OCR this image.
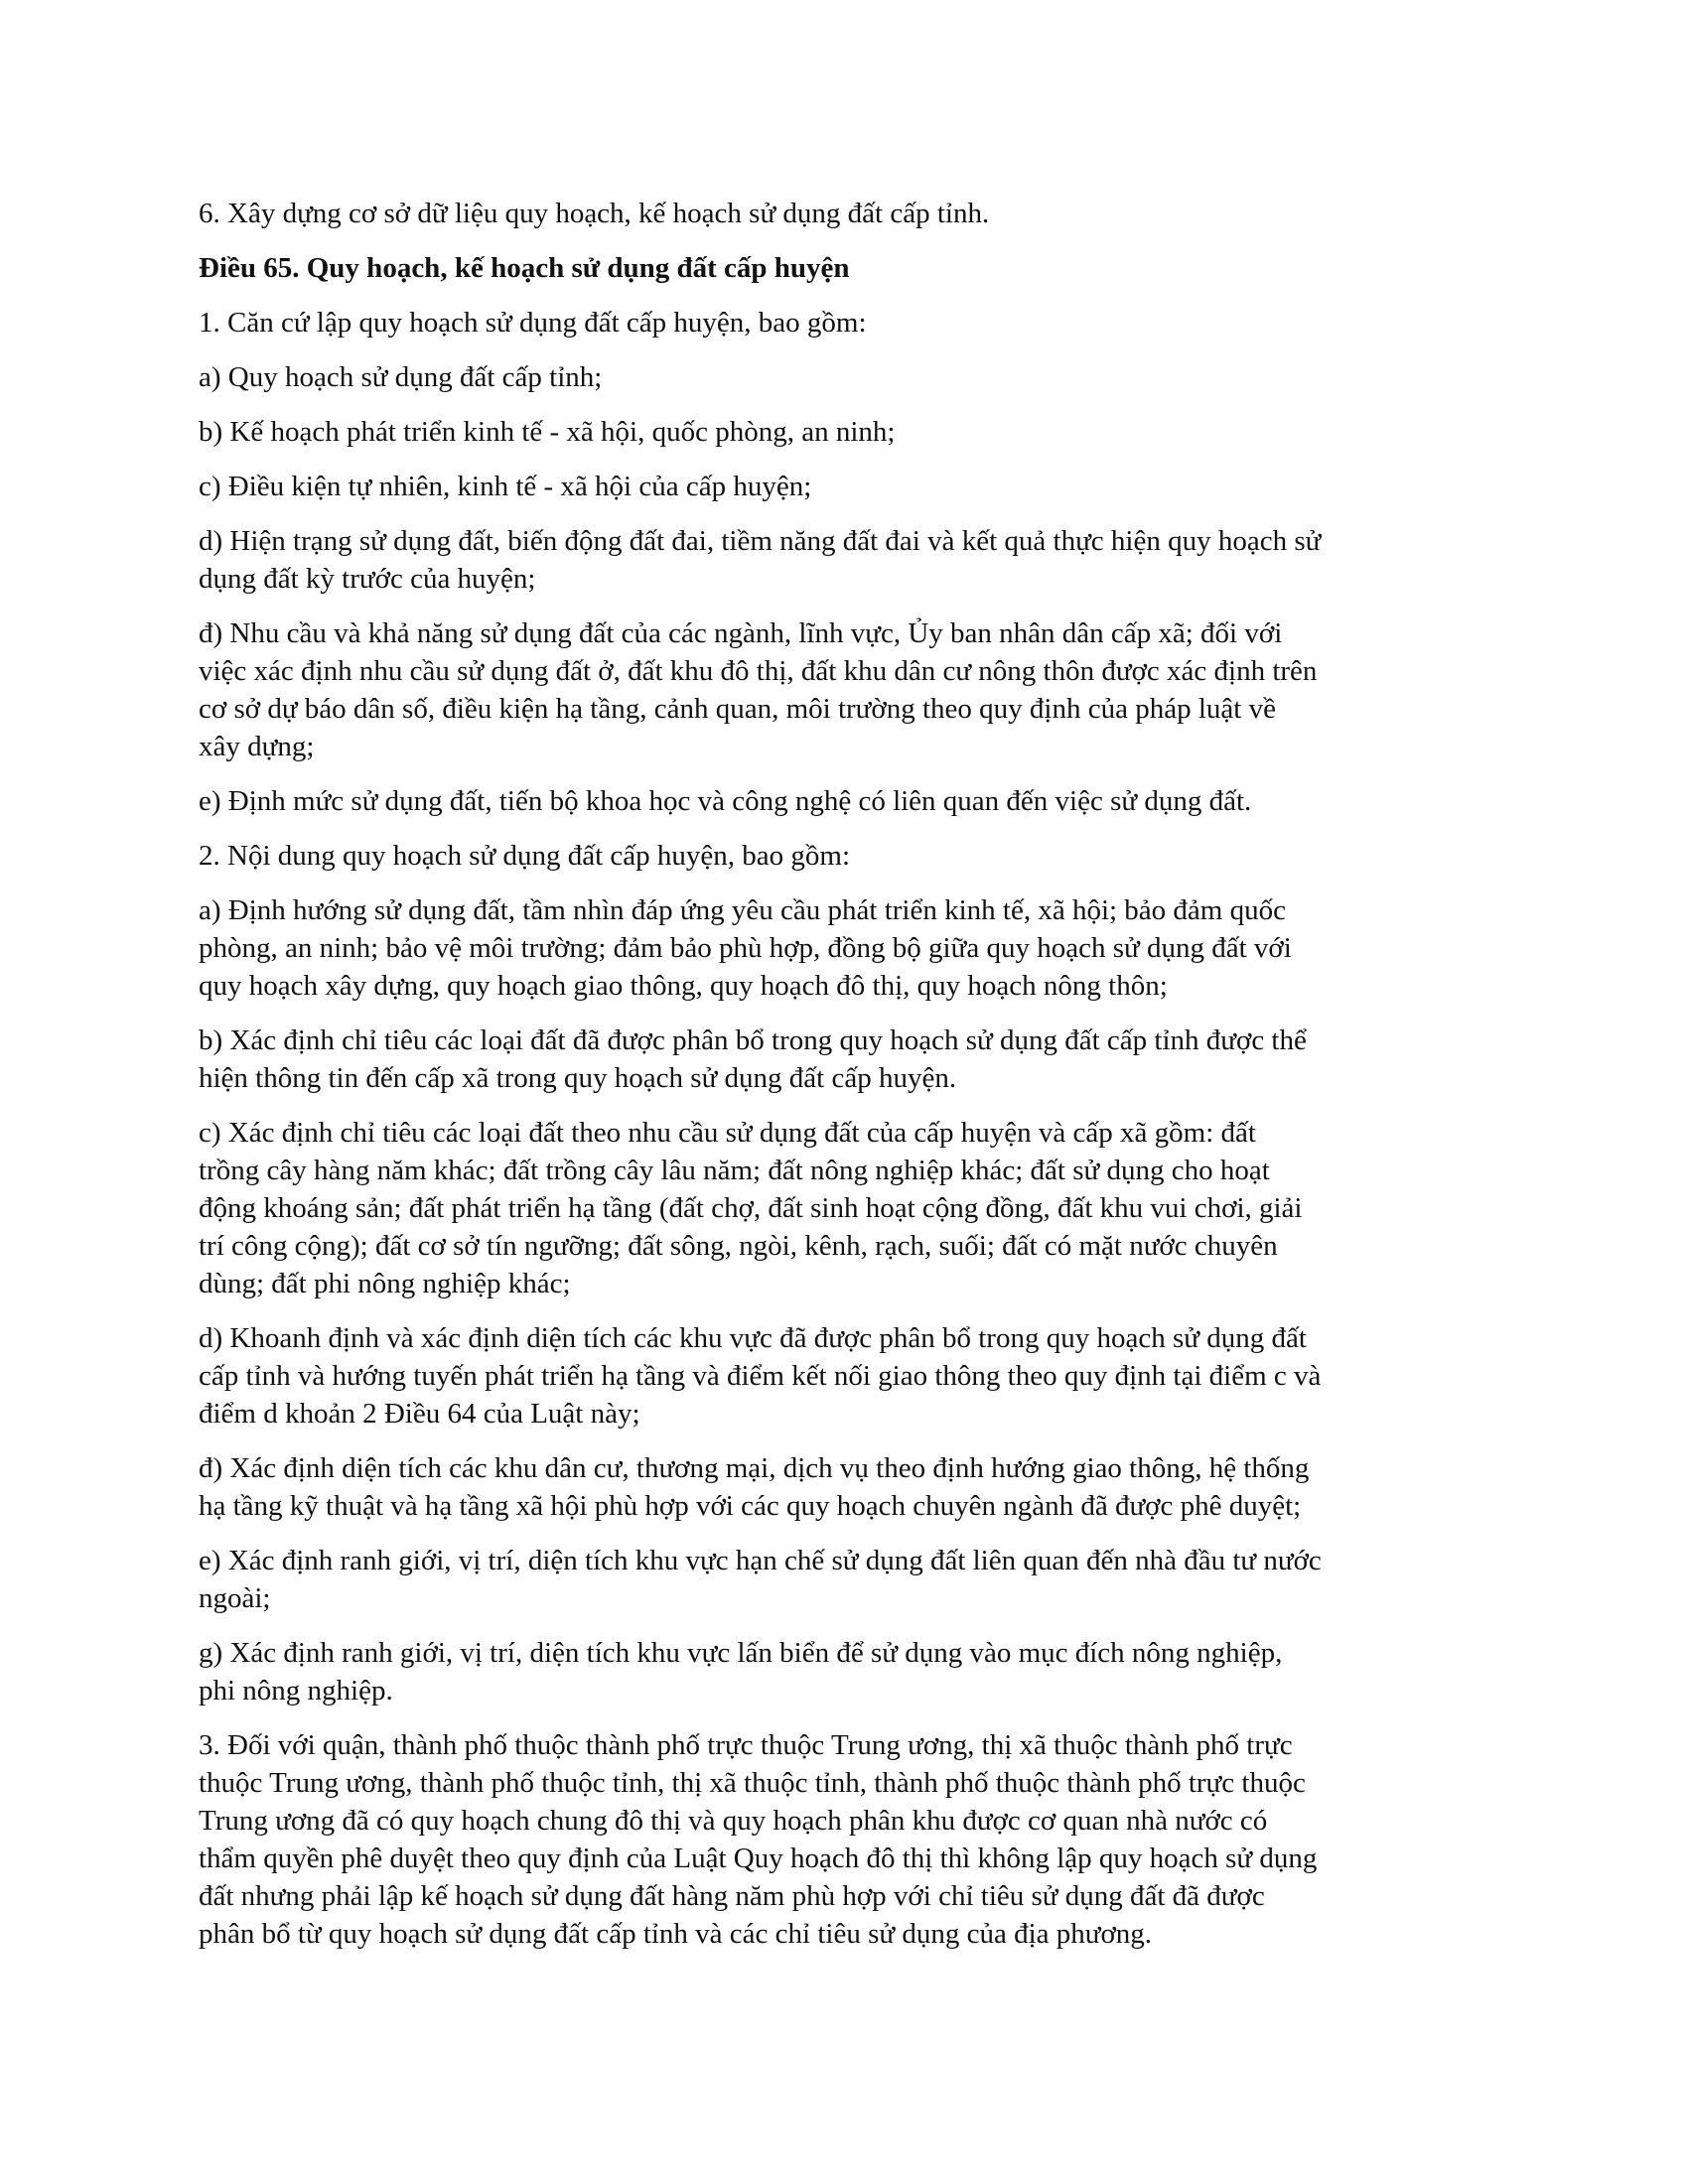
6. Xây dựng cơ sở dữ liệu quy hoạch, kế hoạch sử dụng đất cấp tỉnh.

Điều 65. Quy hoạch, kế hoạch sử dụng đất cấp huyện

1. Căn cứ lập quy hoạch sử dụng đất cấp huyện, bao gồm:

a) Quy hoạch sử dụng đất cấp tỉnh;

b) Kế hoạch phát triển kinh tế - xã hội, quốc phòng, an ninh;

c) Điều kiện tự nhiên, kinh tế - xã hội của cấp huyện;

d) Hiện trạng sử dụng đất, biến động đất đai, tiềm năng đất đai và kết quả thực hiện quy hoạch sử
dụng đất kỳ trước của huyện;

đ) Nhu cầu và khả năng sử dụng đất của các ngành, lĩnh vực, Ủy ban nhân dân cấp xã; đối với
việc xác định nhu cầu sử dụng đất ở, đất khu đô thị, đất khu dân cư nông thôn được xác định trên
cơ sở dự báo dân số, điều kiện hạ tầng, cảnh quan, môi trường theo quy định của pháp luật về
xây dựng;

e) Định mức sử dụng đất, tiến bộ khoa học và công nghệ có liên quan đến việc sử dụng đất.

2. Nội dung quy hoạch sử dụng đất cấp huyện, bao gồm:

a) Định hướng sử dụng đất, tầm nhìn đáp ứng yêu cầu phát triển kinh tế, xã hội; bảo đảm quốc
phòng, an ninh; bảo vệ môi trường; đảm bảo phù hợp, đồng bộ giữa quy hoạch sử dụng đất với
quy hoạch xây dựng, quy hoạch giao thông, quy hoạch đô thị, quy hoạch nông thôn;

b) Xác định chỉ tiêu các loại đất đã được phân bổ trong quy hoạch sử dụng đất cấp tỉnh được thể
hiện thông tin đến cấp xã trong quy hoạch sử dụng đất cấp huyện.

c) Xác định chỉ tiêu các loại đất theo nhu cầu sử dụng đất của cấp huyện và cấp xã gồm: đất
trồng cây hàng năm khác; đất trồng cây lâu năm; đất nông nghiệp khác; đất sử dụng cho hoạt
động khoáng sản; đất phát triển hạ tầng (đất chợ, đất sinh hoạt cộng đồng, đất khu vui chơi, giải
trí công cộng); đất cơ sở tín ngưỡng; đất sông, ngòi, kênh, rạch, suối; đất có mặt nước chuyên
dùng; đất phi nông nghiệp khác;

d) Khoanh định và xác định diện tích các khu vực đã được phân bổ trong quy hoạch sử dụng đất
cấp tỉnh và hướng tuyến phát triển hạ tầng và điểm kết nối giao thông theo quy định tại điểm c và
điểm d khoản 2 Điều 64 của Luật này;

đ) Xác định diện tích các khu dân cư, thương mại, dịch vụ theo định hướng giao thông, hệ thống
hạ tầng kỹ thuật và hạ tầng xã hội phù hợp với các quy hoạch chuyên ngành đã được phê duyệt;

e) Xác định ranh giới, vị trí, diện tích khu vực hạn chế sử dụng đất liên quan đến nhà đầu tư nước
ngoài;

g) Xác định ranh giới, vị trí, diện tích khu vực lấn biển để sử dụng vào mục đích nông nghiệp,
phi nông nghiệp.

3. Đối với quận, thành phố thuộc thành phố trực thuộc Trung ương, thị xã thuộc thành phố trực
thuộc Trung ương, thành phố thuộc tỉnh, thị xã thuộc tỉnh, thành phố thuộc thành phố trực thuộc
Trung ương đã có quy hoạch chung đô thị và quy hoạch phân khu được cơ quan nhà nước có
thẩm quyền phê duyệt theo quy định của Luật Quy hoạch đô thị thì không lập quy hoạch sử dụng
đất nhưng phải lập kế hoạch sử dụng đất hàng năm phù hợp với chỉ tiêu sử dụng đất đã được
phân bổ từ quy hoạch sử dụng đất cấp tỉnh và các chỉ tiêu sử dụng của địa phương.
